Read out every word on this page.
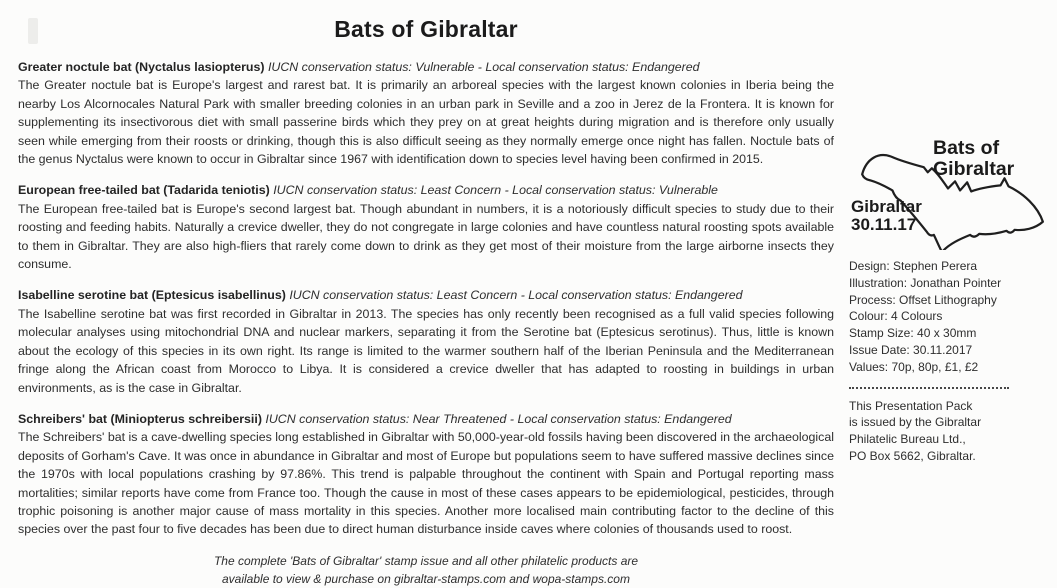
Bats of Gibraltar
Greater noctule bat (Nyctalus lasiopterus) IUCN conservation status: Vulnerable - Local conservation status: Endangered
The Greater noctule bat is Europe's largest and rarest bat. It is primarily an arboreal species with the largest known colonies in Iberia being the nearby Los Alcornocales Natural Park with smaller breeding colonies in an urban park in Seville and a zoo in Jerez de la Frontera. It is known for supplementing its insectivorous diet with small passerine birds which they prey on at great heights during migration and is therefore only usually seen while emerging from their roosts or drinking, though this is also difficult seeing as they normally emerge once night has fallen. Noctule bats of the genus Nyctalus were known to occur in Gibraltar since 1967 with identification down to species level having been confirmed in 2015.
European free-tailed bat (Tadarida teniotis) IUCN conservation status: Least Concern - Local conservation status: Vulnerable
The European free-tailed bat is Europe's second largest bat. Though abundant in numbers, it is a notoriously difficult species to study due to their roosting and feeding habits. Naturally a crevice dweller, they do not congregate in large colonies and have countless natural roosting spots available to them in Gibraltar. They are also high-fliers that rarely come down to drink as they get most of their moisture from the large airborne insects they consume.
Isabelline serotine bat (Eptesicus isabellinus) IUCN conservation status: Least Concern - Local conservation status: Endangered
The Isabelline serotine bat was first recorded in Gibraltar in 2013. The species has only recently been recognised as a full valid species following molecular analyses using mitochondrial DNA and nuclear markers, separating it from the Serotine bat (Eptesicus serotinus). Thus, little is known about the ecology of this species in its own right. Its range is limited to the warmer southern half of the Iberian Peninsula and the Mediterranean fringe along the African coast from Morocco to Libya. It is considered a crevice dweller that has adapted to roosting in buildings in urban environments, as is the case in Gibraltar.
Schreibers' bat (Miniopterus schreibersii) IUCN conservation status: Near Threatened - Local conservation status: Endangered
The Schreibers' bat is a cave-dwelling species long established in Gibraltar with 50,000-year-old fossils having been discovered in the archaeological deposits of Gorham's Cave. It was once in abundance in Gibraltar and most of Europe but populations seem to have suffered massive declines since the 1970s with local populations crashing by 97.86%. This trend is palpable throughout the continent with Spain and Portugal reporting mass mortalities; similar reports have come from France too. Though the cause in most of these cases appears to be epidemiological, pesticides, through trophic poisoning is another major cause of mass mortality in this species. Another more localised main contributing factor to the decline of this species over the past four to five decades has been due to direct human disturbance inside caves where colonies of thousands used to roost.
The complete 'Bats of Gibraltar' stamp issue and all other philatelic products are
available to view & purchase on gibraltar-stamps.com and wopa-stamps.com
Bats of
Gibraltar
Gibraltar
30.11.17
Design: Stephen Perera
Illustration: Jonathan Pointer
Process: Offset Lithography
Colour: 4 Colours
Stamp Size: 40 x 30mm
Issue Date: 30.11.2017
Values: 70p, 80p, £1, £2
This Presentation Pack
is issued by the Gibraltar
Philatelic Bureau Ltd.,
PO Box 5662, Gibraltar.
